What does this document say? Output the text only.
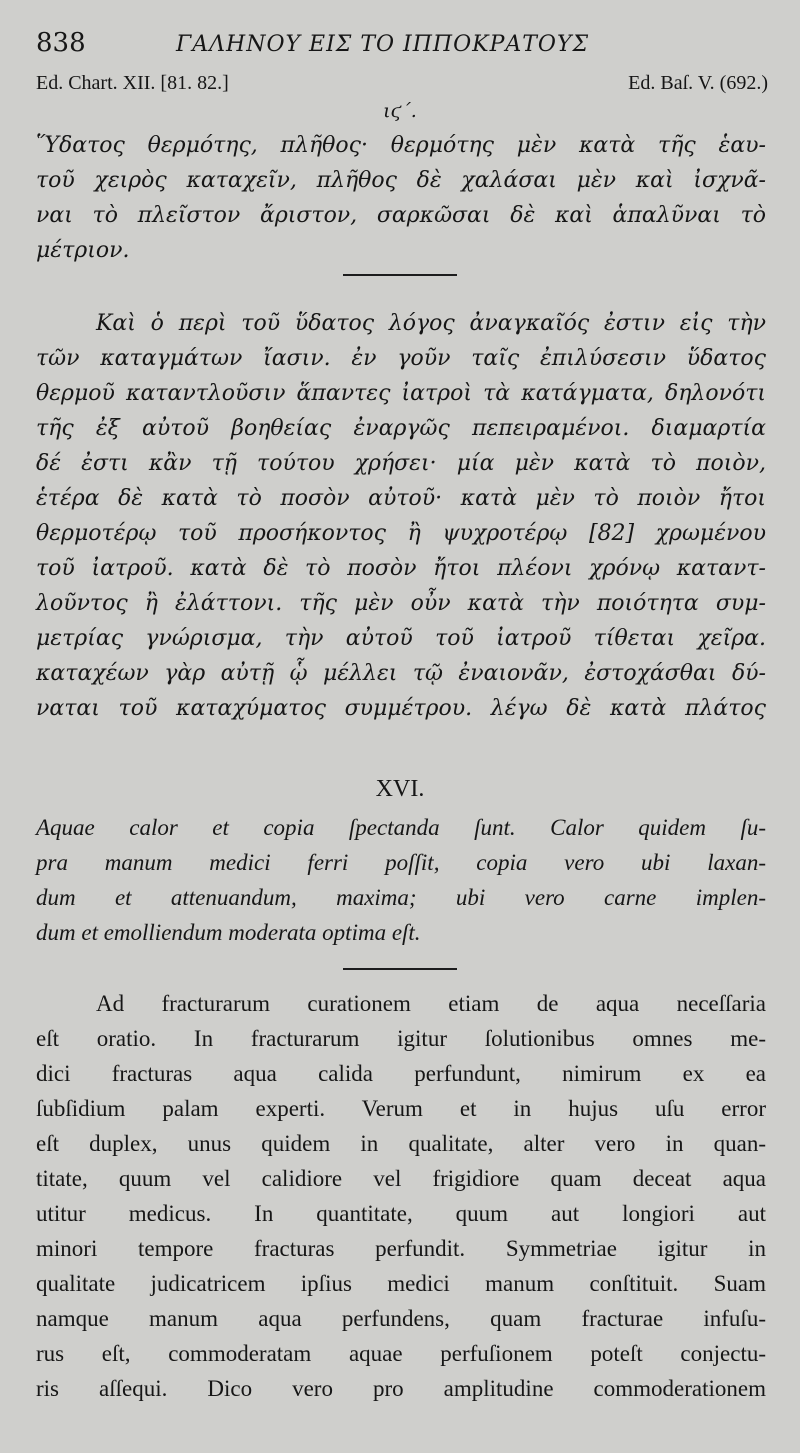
838	ΓΑΛΗΝΟΥ ΕΙΣ ΤΟ ΙΠΠΟΚΡΑΤΟΥΣ
Ed. Chart. XII. [81. 82.]	Ed. Baſ. V. (692.)
ιϛ΄.
Ὕδατος θερμότης, πλῆθος· θερμότης μὲν κατὰ τῆς ἑαυ-
τοῦ χειρὸς καταχεῖν, πλῆθος δὲ χαλάσαι μὲν καὶ ἰσχνᾶ-
ναι τὸ πλεῖστον ἄριστον, σαρκῶσαι δὲ καὶ ἁπαλῦναι τὸ
μέτριον.
Καὶ ὁ περὶ τοῦ ὕδατος λόγος ἀναγκαῖός ἐστιν εἰς τὴν
τῶν καταγμάτων ἴασιν. ἐν γοῦν ταῖς ἐπιλύσεσιν ὕδατος
θερμοῦ καταντλοῦσιν ἅπαντες ἰατροὶ τὰ κατάγματα, δηλονότι
τῆς ἐξ αὐτοῦ βοηθείας ἐναργῶς πεπειραμένοι. διαμαρτία
δέ ἐστι κἂν τῇ τούτου χρήσει· μία μὲν κατὰ τὸ ποιὸν,
ἑτέρα δὲ κατὰ τὸ ποσὸν αὐτοῦ· κατὰ μὲν τὸ ποιὸν ἤτοι
θερμοτέρῳ τοῦ προσήκοντος ἢ ψυχροτέρῳ [82] χρωμένου
τοῦ ἰατροῦ. κατὰ δὲ τὸ ποσὸν ἤτοι πλέονι χρόνῳ καταντ-
λοῦντος ἢ ἐλάττονι. τῆς μὲν οὖν κατὰ τὴν ποιότητα συμ-
μετρίας γνώρισμα, τὴν αὐτοῦ τοῦ ἰατροῦ τίθεται χεῖρα.
καταχέων γὰρ αὐτῇ ᾧ μέλλει τῷ ἐναιονᾶν, ἐστοχάσθαι δύ-
ναται τοῦ καταχύματος συμμέτρου. λέγω δὲ κατὰ πλάτος
XVI.
Aquae calor et copia ſpectanda ſunt. Calor quidem ſu-
pra manum medici ferri poſſit, copia vero ubi laxan-
dum et attenuandum, maxima; ubi vero carne implen-
dum et emolliendum moderata optima eſt.
Ad fracturarum curationem etiam de aqua neceſſaria
eſt oratio. In fracturarum igitur ſolutionibus omnes me-
dici fracturas aqua calida perfundunt, nimirum ex ea
ſubſidium palam experti. Verum et in hujus uſu error
eſt duplex, unus quidem in qualitate, alter vero in quan-
titate, quum vel calidiore vel frigidiore quam deceat aqua
utitur medicus. In quantitate, quum aut longiori aut
minori tempore fracturas perfundit. Symmetriae igitur in
qualitate judicatricem ipſius medici manum conſtituit. Suam
namque manum aqua perfundens, quam fracturae infuſu-
rus eſt, commoderatam aquae perfuſionem poteſt conjectu-
ris aſſequi. Dico vero pro amplitudine commoderationem
